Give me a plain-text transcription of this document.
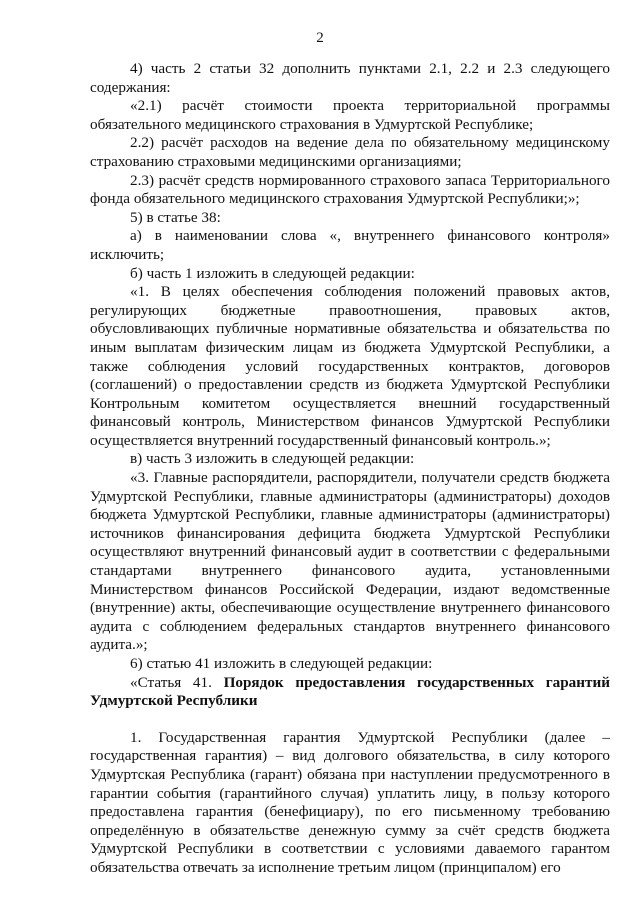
2

4) часть 2 статьи 32 дополнить пунктами 2.1, 2.2 и 2.3 следующего содержания:

«2.1) расчёт стоимости проекта территориальной программы обязательного медицинского страхования в Удмуртской Республике;

2.2) расчёт расходов на ведение дела по обязательному медицинскому страхованию страховыми медицинскими организациями;

2.3) расчёт средств нормированного страхового запаса Территориального фонда обязательного медицинского страхования Удмуртской Республики;»;

5) в статье 38:

а) в наименовании слова «, внутреннего финансового контроля» исключить;

б) часть 1 изложить в следующей редакции:

«1. В целях обеспечения соблюдения положений правовых актов, регулирующих бюджетные правоотношения, правовых актов, обусловливающих публичные нормативные обязательства и обязательства по иным выплатам физическим лицам из бюджета Удмуртской Республики, а также соблюдения условий государственных контрактов, договоров (соглашений) о предоставлении средств из бюджета Удмуртской Республики Контрольным комитетом осуществляется внешний государственный финансовый контроль, Министерством финансов Удмуртской Республики осуществляется внутренний государственный финансовый контроль.»;

в) часть 3 изложить в следующей редакции:

«3. Главные распорядители, распорядители, получатели средств бюджета Удмуртской Республики, главные администраторы (администраторы) доходов бюджета Удмуртской Республики, главные администраторы (администраторы) источников финансирования дефицита бюджета Удмуртской Республики осуществляют внутренний финансовый аудит в соответствии с федеральными стандартами внутреннего финансового аудита, установленными Министерством финансов Российской Федерации, издают ведомственные (внутренние) акты, обеспечивающие осуществление внутреннего финансового аудита с соблюдением федеральных стандартов внутреннего финансового аудита.»;

6) статью 41 изложить в следующей редакции:

«Статья 41. Порядок предоставления государственных гарантий Удмуртской Республики

1. Государственная гарантия Удмуртской Республики (далее – государственная гарантия) – вид долгового обязательства, в силу которого Удмуртская Республика (гарант) обязана при наступлении предусмотренного в гарантии события (гарантийного случая) уплатить лицу, в пользу которого предоставлена гарантия (бенефициару), по его письменному требованию определённую в обязательстве денежную сумму за счёт средств бюджета Удмуртской Республики в соответствии с условиями даваемого гарантом обязательства отвечать за исполнение третьим лицом (принципалом) его
